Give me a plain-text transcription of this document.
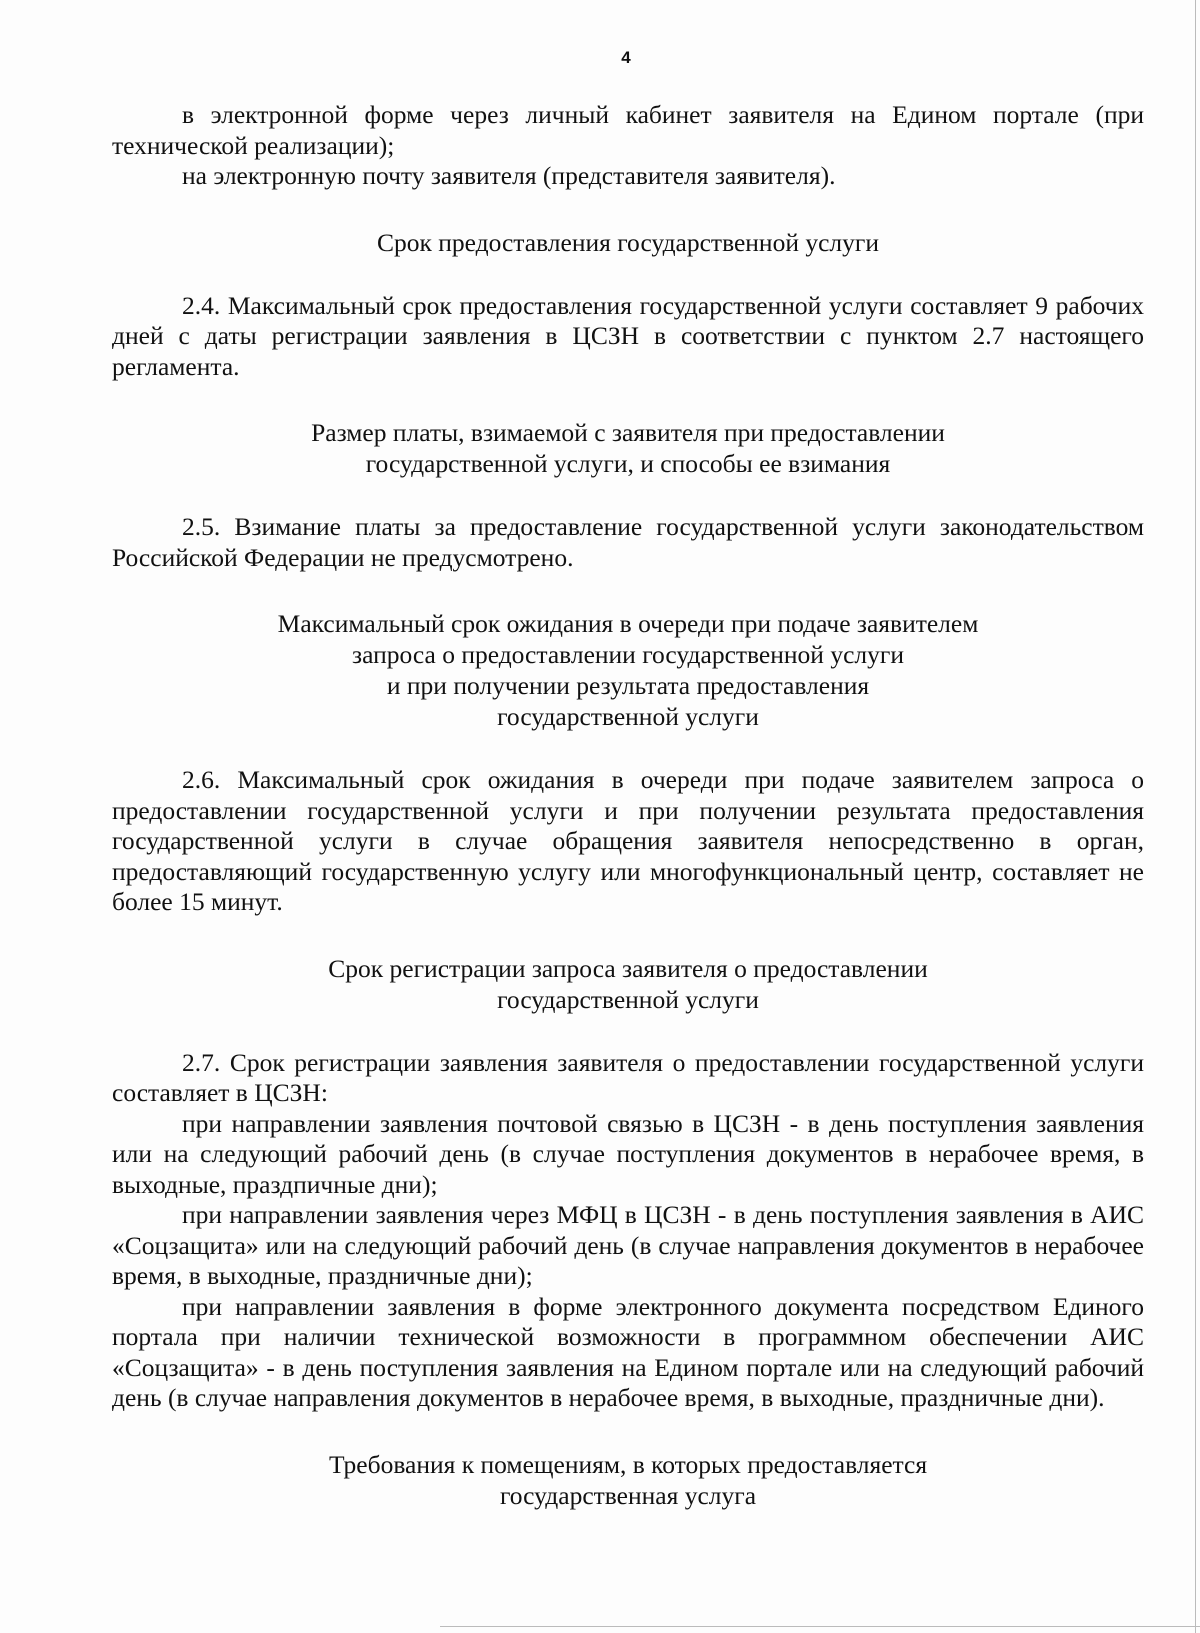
4

в электронной форме через личный кабинет заявителя на Едином портале (при технической реализации);

на электронную почту заявителя (представителя заявителя).

Срок предоставления государственной услуги

2.4. Максимальный срок предоставления государственной услуги составляет 9 рабочих дней с даты регистрации заявления в ЦСЗН в соответствии с пунктом 2.7 настоящего регламента.

Размер платы, взимаемой с заявителя при предоставлении
государственной услуги, и способы ее взимания

2.5. Взимание платы за предоставление государственной услуги законодательством Российской Федерации не предусмотрено.

Максимальный срок ожидания в очереди при подаче заявителем
запроса о предоставлении государственной услуги
и при получении результата предоставления
государственной услуги

2.6. Максимальный срок ожидания в очереди при подаче заявителем запроса о предоставлении государственной услуги и при получении результата предоставления государственной услуги в случае обращения заявителя непосредственно в орган, предоставляющий государственную услугу или многофункциональный центр, составляет не более 15 минут.

Срок регистрации запроса заявителя о предоставлении
государственной услуги

2.7. Срок регистрации заявления заявителя о предоставлении государственной услуги составляет в ЦСЗН:

при направлении заявления почтовой связью в ЦСЗН - в день поступления заявления или на следующий рабочий день (в случае поступления документов в нерабочее время, в выходные, праздпичные дни);

при направлении заявления через МФЦ в ЦСЗН - в день поступления заявления в АИС «Соцзащита» или на следующий рабочий день (в случае направления документов в нерабочее время, в выходные, праздничные дни);

при направлении заявления в форме электронного документа посредством Единого портала при наличии технической возможности в программном обеспечении АИС «Соцзащита» - в день поступления заявления на Едином портале или на следующий рабочий день (в случае направления документов в нерабочее время, в выходные, праздничные дни).

Требования к помещениям, в которых предоставляется
государственная услуга
